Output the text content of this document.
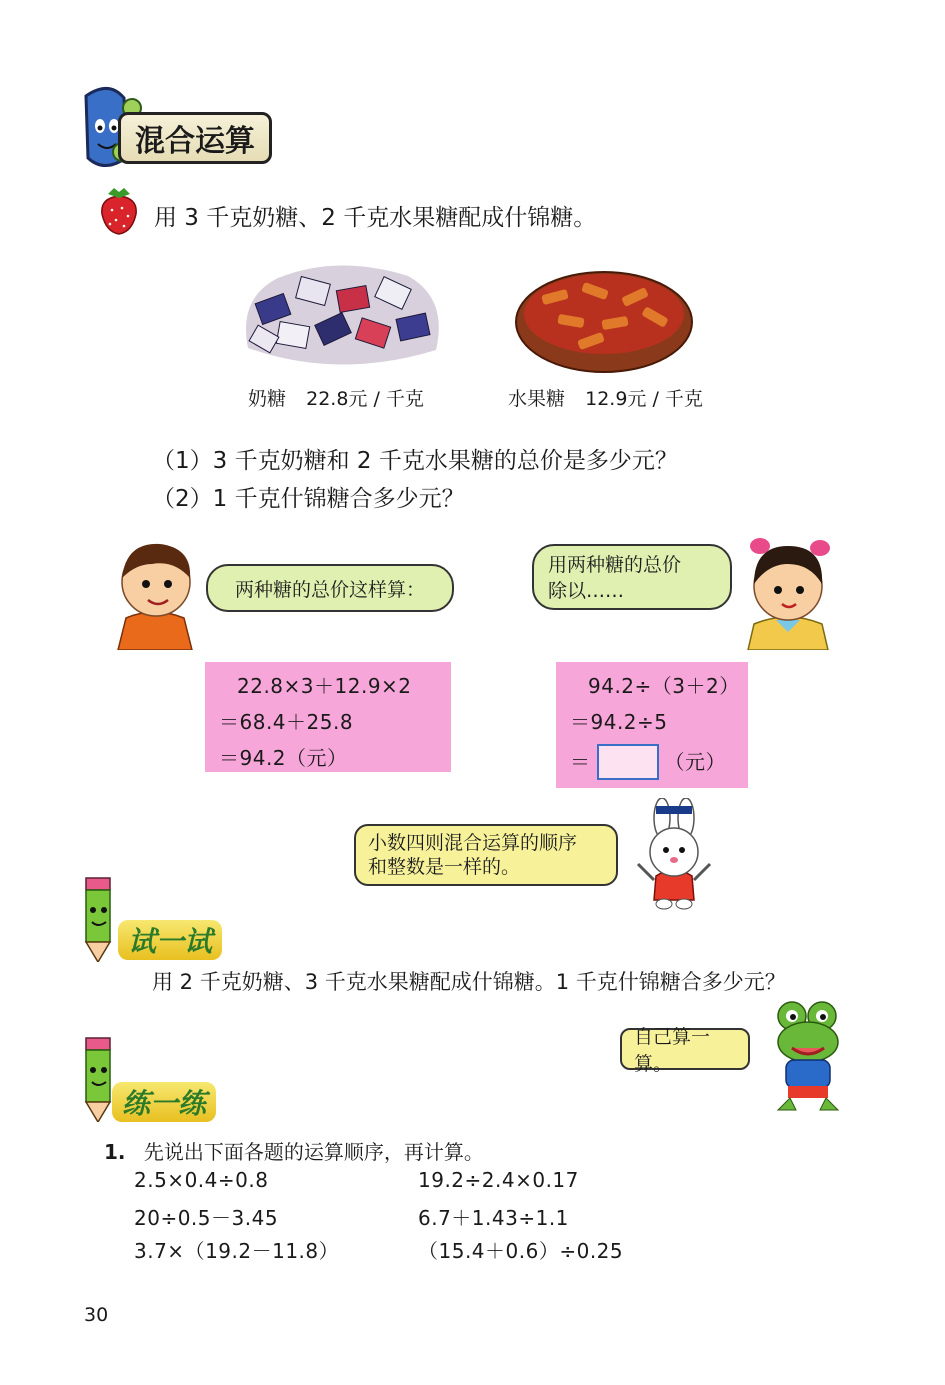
混合运算
用 3 千克奶糖、2 千克水果糖配成什锦糖。
奶糖 22.8元 / 千克	水果糖 12.9元 / 千克
（1）3 千克奶糖和 2 千克水果糖的总价是多少元？
（2）1 千克什锦糖合多少元？
两种糖的总价这样算：
用两种糖的总价
除以……
22.8×3＋12.9×2
＝68.4＋25.8
＝94.2（元）
94.2÷（3＋2）
＝94.2÷5
＝	（元）
小数四则混合运算的顺序
和整数是一样的。
试一试
用 2 千克奶糖、3 千克水果糖配成什锦糖。1 千克什锦糖合多少元？
自己算一算。
练一练
1. 先说出下面各题的运算顺序，再计算。
2.5×0.4÷0.8	19.2÷2.4×0.17
20÷0.5－3.45	6.7＋1.43÷1.1
3.7×（19.2－11.8）	（15.4＋0.6）÷0.25
30
